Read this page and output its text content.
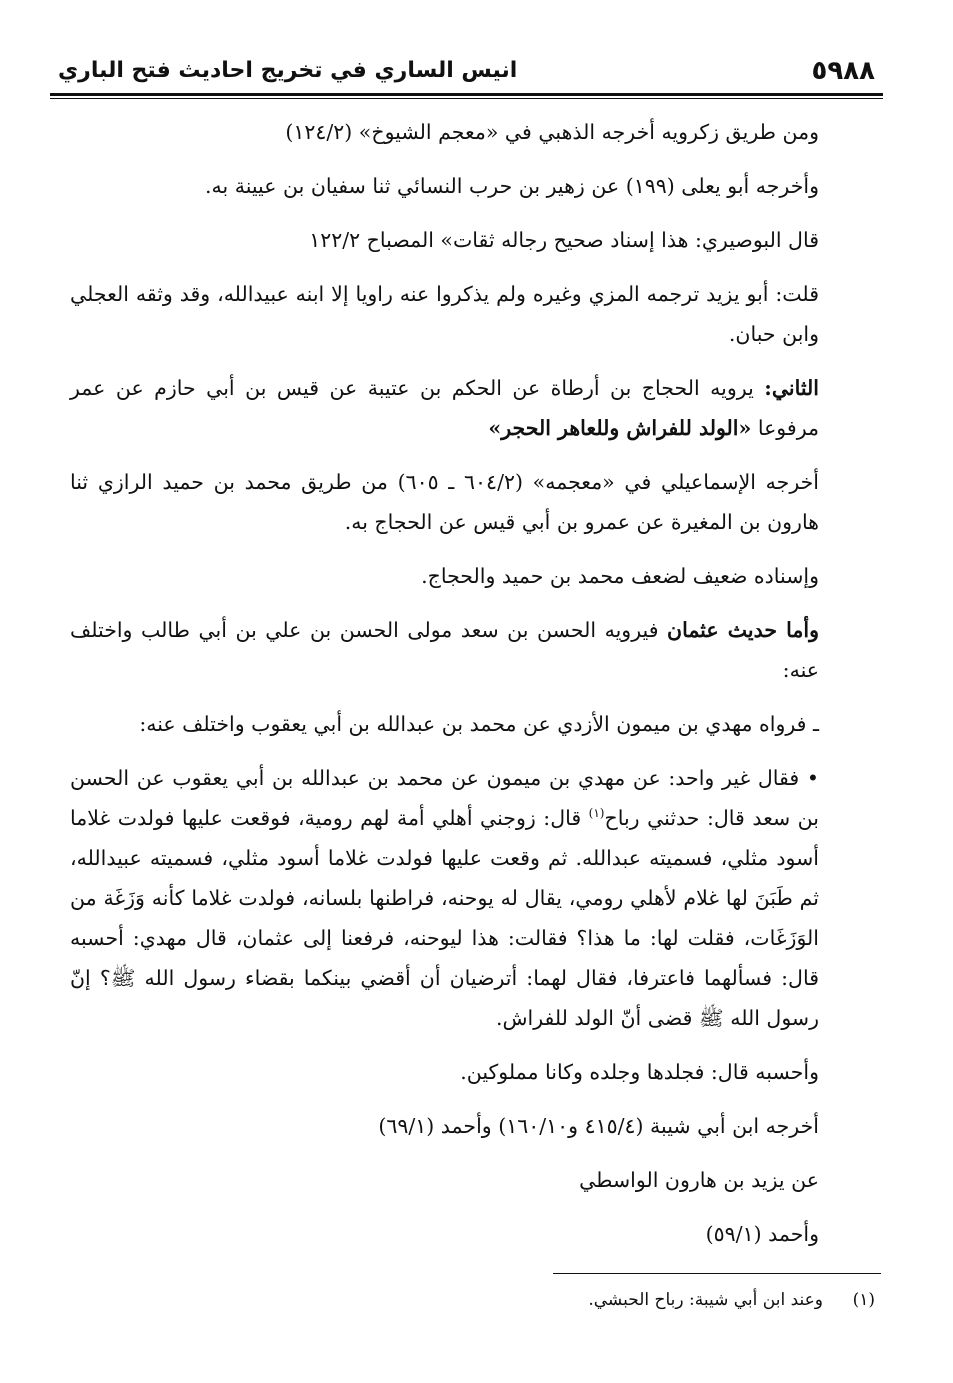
٥٩٨٨
انيس الساري في تخريج احاديث فتح الباري

ومن طريق زكرويه أخرجه الذهبي في «معجم الشيوخ» (١٢٤/٢)

وأخرجه أبو يعلى (١٩٩) عن زهير بن حرب النسائي ثنا سفيان بن عيينة به.

قال البوصيري: هذا إسناد صحيح رجاله ثقات» المصباح ١٢٢/٢

قلت: أبو يزيد ترجمه المزي وغيره ولم يذكروا عنه راويا إلا ابنه عبيدالله، وقد وثقه العجلي وابن حبان.

الثاني: يرويه الحجاج بن أرطاة عن الحكم بن عتيبة عن قيس بن أبي حازم عن عمر مرفوعا «الولد للفراش وللعاهر الحجر»

أخرجه الإسماعيلي في «معجمه» (٦٠٤/٢ ـ ٦٠٥) من طريق محمد بن حميد الرازي ثنا هارون بن المغيرة عن عمرو بن أبي قيس عن الحجاج به.

وإسناده ضعيف لضعف محمد بن حميد والحجاج.

وأما حديث عثمان فيرويه الحسن بن سعد مولى الحسن بن علي بن أبي طالب واختلف عنه:

ـ فرواه مهدي بن ميمون الأزدي عن محمد بن عبدالله بن أبي يعقوب واختلف عنه:

• فقال غير واحد: عن مهدي بن ميمون عن محمد بن عبدالله بن أبي يعقوب عن الحسن بن سعد قال: حدثني رباح$^{(١)}$ قال: زوجني أهلي أمة لهم رومية، فوقعت عليها فولدت غلاما أسود مثلي، فسميته عبدالله. ثم وقعت عليها فولدت غلاما أسود مثلي، فسميته عبيدالله، ثم طَبَنَ لها غلام لأهلي رومي، يقال له يوحنه، فراطنها بلسانه، فولدت غلاما كأنه وَزَغَة من الوَزَغَات، فقلت لها: ما هذا؟ فقالت: هذا ليوحنه، فرفعنا إلى عثمان، قال مهدي: أحسبه قال: فسألهما فاعترفا، فقال لهما: أترضيان أن أقضي بينكما بقضاء رسول الله ﷺ؟ إنّ رسول الله ﷺ قضى أنّ الولد للفراش.

وأحسبه قال: فجلدها وجلده وكانا مملوكين.

أخرجه ابن أبي شيبة (٤١٥/٤ و١٦٠/١٠) وأحمد (٦٩/١)

عن يزيد بن هارون الواسطي

وأحمد (٥٩/١)

(١)وعند ابن أبي شيبة: رباح الحبشي.
